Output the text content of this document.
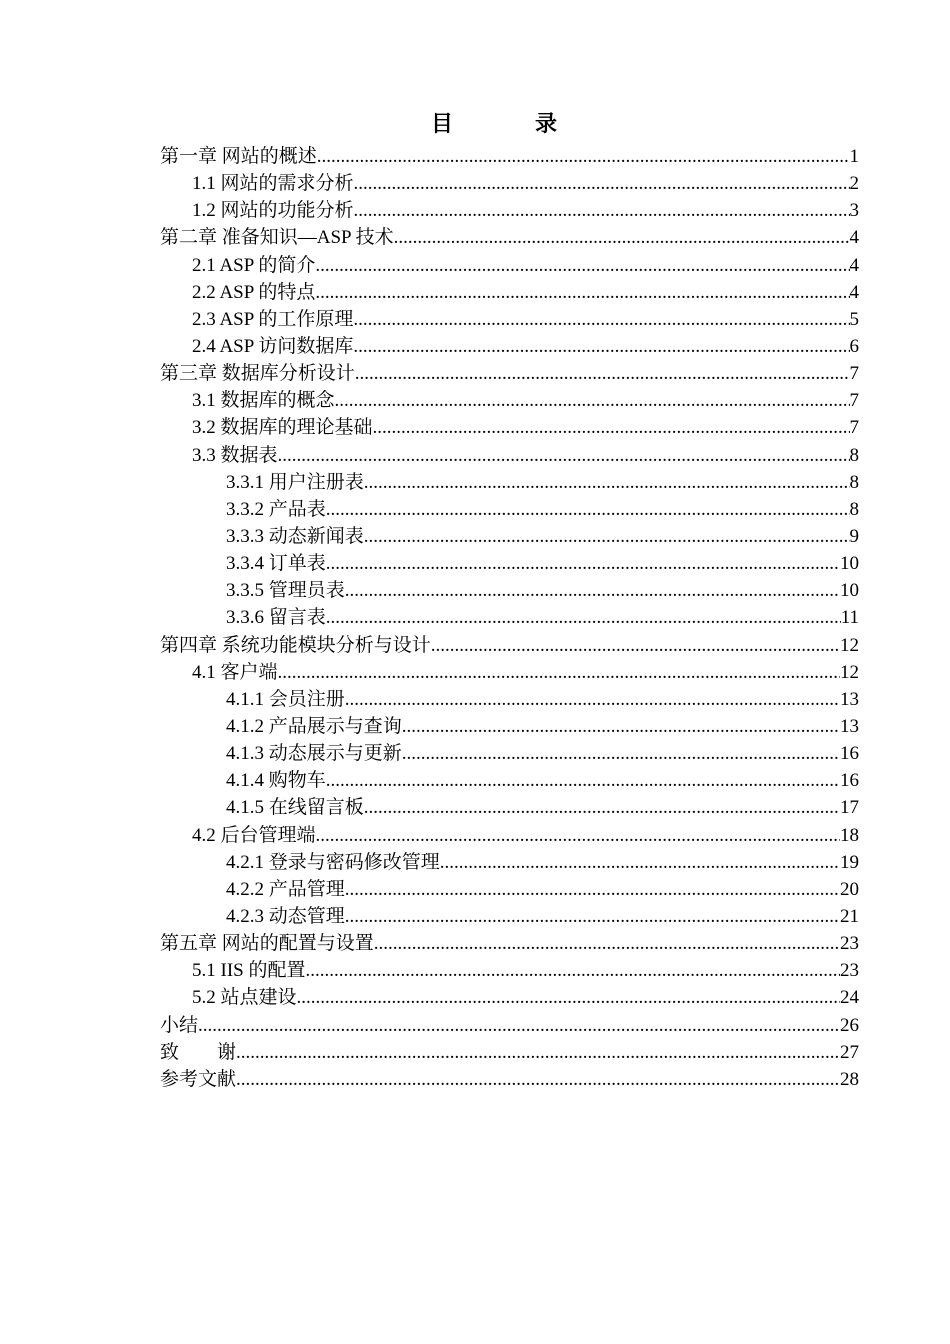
目　录
第一章 网站的概述 .....	1
1.1 网站的需求分析 .....	2
1.2 网站的功能分析 .....	3
第二章 准备知识—ASP 技术 .....	4
2.1 ASP 的简介 .....	4
2.2 ASP 的特点 .....	4
2.3 ASP 的工作原理 .....	5
2.4 ASP 访问数据库 .....	6
第三章 数据库分析设计 .....	7
3.1 数据库的概念 .....	7
3.2 数据库的理论基础 .....	7
3.3 数据表 .....	8
3.3.1 用户注册表 .....	8
3.3.2 产品表 .....	8
3.3.3 动态新闻表 .....	9
3.3.4 订单表 .....	10
3.3.5 管理员表 .....	10
3.3.6 留言表 .....	11
第四章 系统功能模块分析与设计 .....	12
4.1 客户端 .....	12
4.1.1 会员注册 .....	13
4.1.2 产品展示与查询 .....	13
4.1.3 动态展示与更新 .....	16
4.1.4 购物车 .....	16
4.1.5 在线留言板 .....	17
4.2 后台管理端 .....	18
4.2.1 登录与密码修改管理 .....	19
4.2.2 产品管理 .....	20
4.2.3 动态管理 .....	21
第五章 网站的配置与设置 .....	23
5.1 IIS 的配置 .....	23
5.2 站点建设 .....	24
小结 .....	26
致　　谢 .....	27
参考文献 .....	28
